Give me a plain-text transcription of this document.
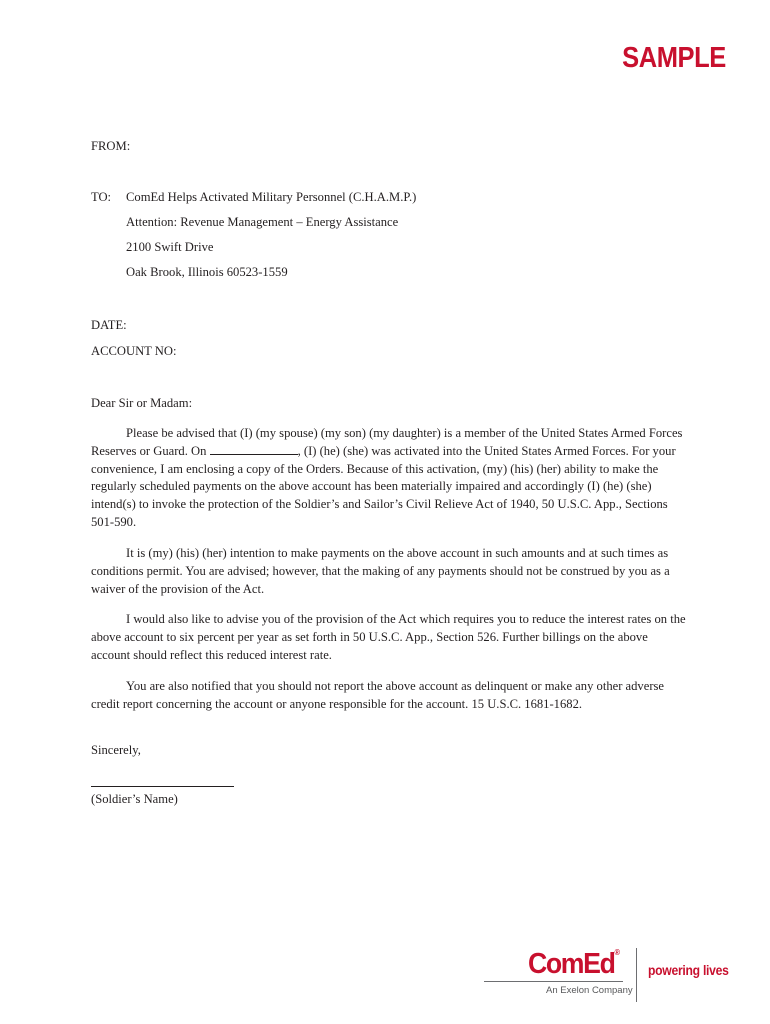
SAMPLE
FROM:
TO: ComEd Helps Activated Military Personnel (C.H.A.M.P.)
Attention: Revenue Management – Energy Assistance
2100 Swift Drive
Oak Brook, Illinois 60523-1559
DATE:
ACCOUNT NO:
Dear Sir or Madam:
Please be advised that (I) (my spouse) (my son) (my daughter) is a member of the United States Armed Forces Reserves or Guard. On	, (I) (he) (she) was activated into the United States Armed Forces. For your convenience, I am enclosing a copy of the Orders. Because of this activation, (my) (his) (her) ability to make the regularly scheduled payments on the above account has been materially impaired and accordingly (I) (he) (she) intend(s) to invoke the protection of the Soldier’s and Sailor’s Civil Relieve Act of 1940, 50 U.S.C. App., Sections 501-590.
It is (my) (his) (her) intention to make payments on the above account in such amounts and at such times as conditions permit. You are advised; however, that the making of any payments should not be construed by you as a waiver of the provision of the Act.
I would also like to advise you of the provision of the Act which requires you to reduce the interest rates on the above account to six percent per year as set forth in 50 U.S.C. App., Section 526. Further billings on the above account should reflect this reduced interest rate.
You are also notified that you should not report the above account as delinquent or make any other adverse credit report concerning the account or anyone responsible for the account. 15 U.S.C. 1681-1682.
Sincerely,
(Soldier’s Name)
ComEd®
An Exelon Company
powering lives
